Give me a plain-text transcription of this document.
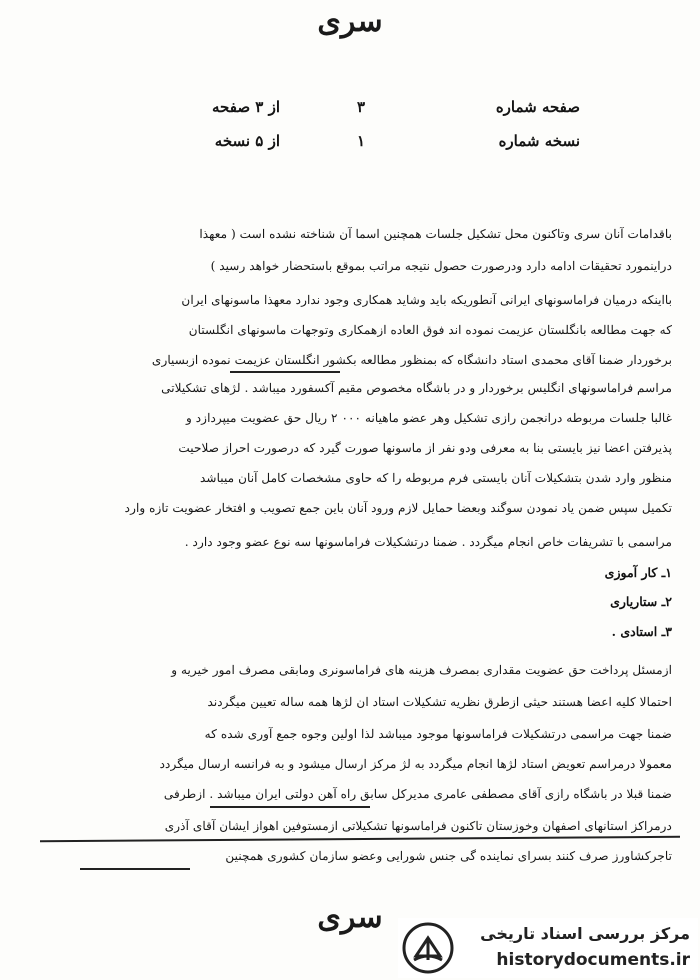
سری
صفحه شماره
۳
از ۳ صفحه
نسخه شماره
۱
از ۵ نسخه
باقدامات آنان سری وتاکنون محل تشکیل جلسات همچنین اسما آن شناخته نشده است ( معهذا
دراینمورد تحقیقات ادامه دارد ودرصورت حصول نتیجه مراتب بموقع باستحضار خواهد رسید )
بااینکه درمیان فراماسونهای ایرانی آنطوریکه باید وشاید همکاری وجود ندارد معهذا ماسونهای ایران
که جهت مطالعه بانگلستان عزیمت نموده اند فوق العاده ازهمکاری وتوجهات ماسونهای انگلستان
برخوردار ضمنا آقای محمدی استاد دانشگاه که بمنظور مطالعه بکشور انگلستان عزیمت نموده ازبسیاری
مراسم فراماسونهای انگلیس برخوردار و در باشگاه مخصوص مقیم آکسفورد میباشد . لژهای تشکیلاتی
غالبا جلسات مربوطه درانجمن رازی تشکیل وهر عضو ماهیانه ۰۰۰ ۲ ریال حق عضویت میپردازد و
پذیرفتن اعضا نیز بایستی بنا به معرفی ودو نفر از ماسونها صورت گیرد که درصورت احراز صلاحیت
منظور وارد شدن بتشکیلات آنان بایستی فرم مربوطه را که حاوی مشخصات کامل آنان میباشد
تکمیل سپس ضمن یاد نمودن سوگند وبعضا حمایل لازم ورود آنان باین جمع تصویب و افتخار عضویت تازه وارد
مراسمی با تشریفات خاص انجام میگردد . ضمنا درتشکیلات فراماسونها سه نوع عضو وجود دارد .
۱ـ کار آموزی
۲ـ ستاریاری
۳ـ استادی .
ازمسئل پرداخت حق عضویت مقداری بمصرف هزینه های فراماسونری ومابقی مصرف امور خیریه و
احتمالا کلیه اعضا هستند حیثی ازطرق نظریه تشکیلات استاد ان لژها همه ساله تعیین میگردند
ضمنا جهت مراسمی درتشکیلات فراماسونها موجود میباشد لذا اولین وجوه جمع آوری شده که
معمولا درمراسم تعویض استاد لژها انجام میگردد به لژ مرکز ارسال میشود و به فرانسه ارسال میگردد
ضمنا قبلا در باشگاه رازی آقای مصطفی عامری مدیرکل سابق راه آهن دولتی ایران میباشد . ازطرفی
درمراکز استانهای اصفهان وخوزستان تاکنون فراماسونها تشکیلاتی ازمستوفین اهواز ایشان آقای آذری
تاجرکشاورز صرف کنند بسرای نماینده گی جنس شورایی وعضو سازمان کشوری همچنین
سری	مرکز بررسی اسناد تاریخی
historydocuments.ir
